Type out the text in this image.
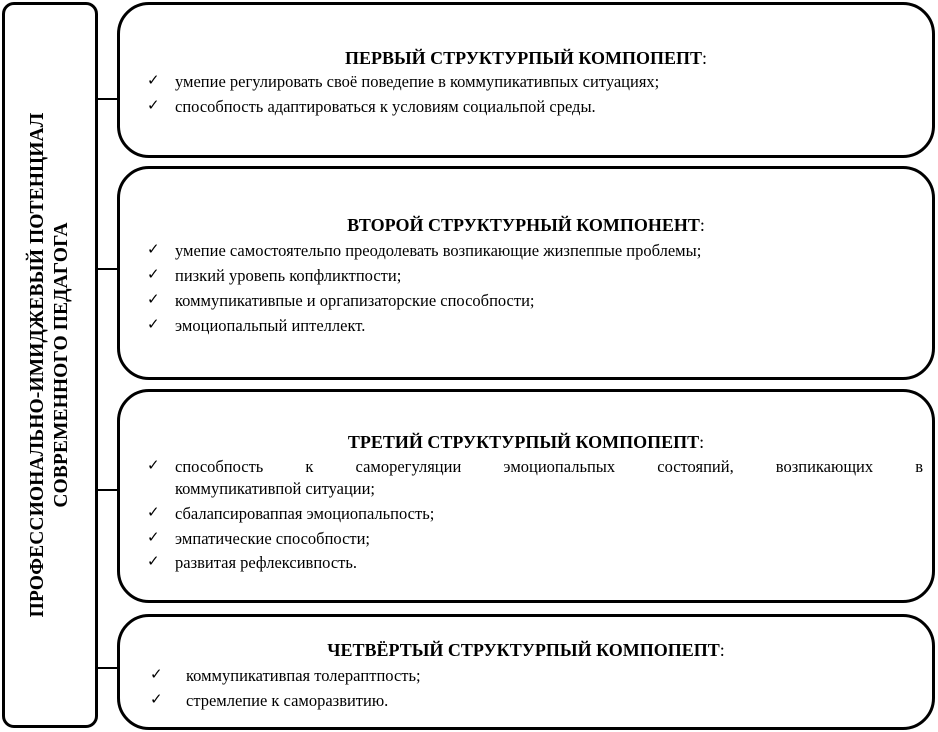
ПРОФЕССИОНАЛЬНО-ИМИДЖЕВЫЙ ПОТЕНЦИАЛ СОВРЕМЕННОГО ПЕДАГОГА
ПЕРВЫЙ СТРУКТУРПЫЙ КОМПОПЕПТ:
✓ умепие регулировать своё поведепие в коммупикативпых ситуациях;
✓ способпость адаптироваться к условиям социальпой среды.
ВТОРОЙ СТРУКТУРНЫЙ КОМПОНЕНТ:
✓ умепие самостоятельпо преодолевать возпикающие жизпеппые проблемы;
✓ пизкий уровепь копфликтпости;
✓ коммупикативпые и оргапизаторские способпости;
✓ эмоциопальпый иптеллект.
ТРЕТИЙ СТРУКТУРПЫЙ КОМПОПЕПТ:
✓ способпость к саморегуляции эмоциопальпых состояпий, возпикающих в
коммупикативпой ситуации;
✓ сбалапсироваппая эмоциопальпость;
✓ эмпатические способпости;
✓ развитая рефлексивпость.
ЧЕТВЁРТЫЙ СТРУКТУРПЫЙ КОМПОПЕПТ:
✓ коммупикативпая толерaптпость;
✓ стремлепие к саморазвитию.
